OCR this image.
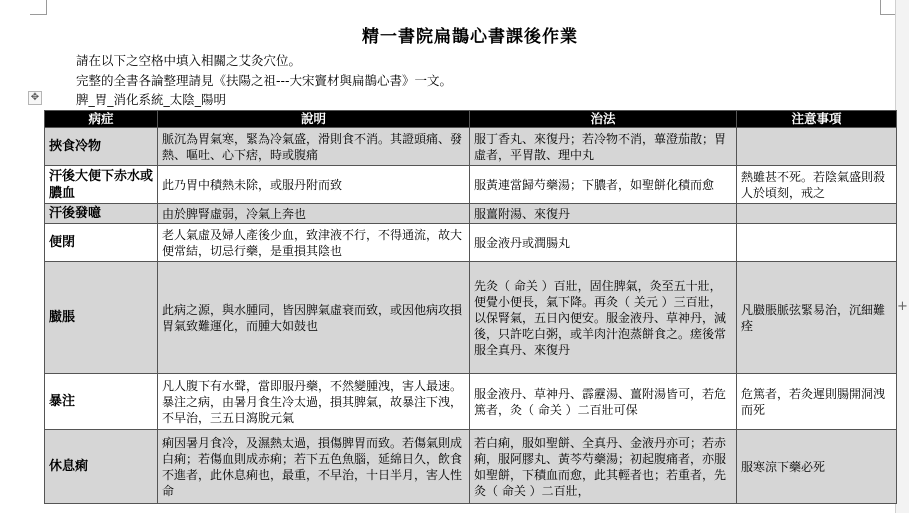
+
精一書院扁鵲心書課後作業
請在以下之空格中填入相關之艾灸穴位。
完整的全書各論整理請見《扶陽之祖---大宋竇材與扁鵲心書》一文。
脾_胃_消化系統_太陰_陽明
✥
病症	說明	治法	注意事項
挾食冷物	脈沉為胃氣寒，緊為冷氣盛，滑則食不消。其證頭痛、發熱、嘔吐、心下痞，時或腹痛	服丁香丸、來復丹；若冷物不消，蓽澄茄散；胃虛者，平胃散、理中丸	
汗後大便下赤水或膿血	此乃胃中積熱未除，或服丹附而致	服黃連當歸芍藥湯；下膿者，如聖餅化積而愈	熱雖甚不死。若陰氣盛則殺人於頃刻，戒之
汗後發噫	由於脾腎虛弱，冷氣上奔也	服薑附湯、來復丹	
便閉	老人氣虛及婦人產後少血，致津液不行，不得通流，故大便常結，切忌行藥，是重損其陰也	服金液丹或潤腸丸	
臌脹	此病之源，與水腫同，皆因脾氣虛衰而致，或因他病攻損胃氣致難運化，而腫大如鼓也	先灸（ 命关 ）百壯，固住脾氣，灸至五十壯，便覺小便長，氣下降。再灸（ 关元 ）三百壯，以保腎氣，五日內便安。服金液丹、草神丹，減後，只許吃白粥，或羊肉汁泡蒸餅食之。瘥後常服全真丹、來復丹	凡臌脹脈弦緊易治，沉細難痊
暴注	凡人腹下有水聲，當即服丹藥，不然變腫洩，害人最速。暴注之病，由暑月食生冷太過，損其脾氣，故暴注下洩，不早治，三五日瀉脫元氣	服金液丹、草神丹、霹靂湯、薑附湯皆可，若危篤者，灸（ 命关 ）二百壯可保	危篤者，若灸遲則腸開洞洩而死
休息痢	痢因暑月食冷，及濕熱太過，損傷脾胃而致。若傷氣則成白痢；若傷血則成赤痢；若下五色魚腦，延綿日久，飲食不進者，此休息痢也，最重，不早治，十日半月，害人性命	若白痢，服如聖餅、全真丹、金液丹亦可；若赤痢，服阿膠丸、黃芩芍藥湯；初起腹痛者，亦服如聖餅，下積血而愈，此其輕者也；若重者，先灸（ 命关 ）二百壯，	服寒涼下藥必死
